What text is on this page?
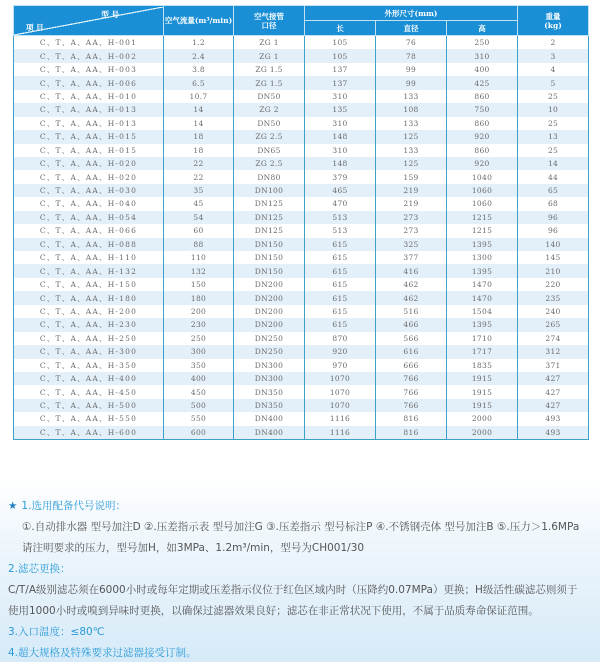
型 号
项 目
	空气流量(m³/min)	空气接管
口径
	外形尺寸(mm)	重量
(kg)

			长	直径	高	
C、T、A、AA、H-001	1.2	ZG 1	105	76	250	2
C、T、A、AA、H-002	2.4	ZG 1	105	78	310	3
C、T、A、AA、H-003	3.8	ZG 1.5	137	99	400	4
C、T、A、AA、H-006	6.5	ZG 1.5	137	99	425	5
C、T、A、AA、H-010	10.7	DN50	310	133	860	25
C、T、A、AA、H-013	14	ZG 2	135	108	750	10
C、T、A、AA、H-013	14	DN50	310	133	860	25
C、T、A、AA、H-015	18	ZG 2.5	148	125	920	13
C、T、A、AA、H-015	18	DN65	310	133	860	25
C、T、A、AA、H-020	22	ZG 2.5	148	125	920	14
C、T、A、AA、H-020	22	DN80	379	159	1040	44
C、T、A、AA、H-030	35	DN100	465	219	1060	65
C、T、A、AA、H-040	45	DN125	470	219	1060	68
C、T、A、AA、H-054	54	DN125	513	273	1215	96
C、T、A、AA、H-066	60	DN125	513	273	1215	96
C、T、A、AA、H-088	88	DN150	615	325	1395	140
C、T、A、AA、H-110	110	DN150	615	377	1300	145
C、T、A、AA、H-132	132	DN150	615	416	1395	210
C、T、A、AA、H-150	150	DN200	615	462	1470	220
C、T、A、AA、H-180	180	DN200	615	462	1470	235
C、T、A、AA、H-200	200	DN200	615	516	1504	240
C、T、A、AA、H-230	230	DN200	615	466	1395	265
C、T、A、AA、H-250	250	DN250	870	566	1710	274
C、T、A、AA、H-300	300	DN250	920	616	1717	312
C、T、A、AA、H-350	350	DN300	970	666	1835	371
C、T、A、AA、H-400	400	DN300	1070	766	1915	427
C、T、A、AA、H-450	450	DN350	1070	766	1915	427
C、T、A、AA、H-500	500	DN350	1070	766	1915	427
C、T、A、AA、H-550	550	DN400	1116	816	2000	493
C、T、A、AA、H-600	600	DN400	1116	816	2000	493
★ 1.选用配备代号说明：
①.自动排水器 型号加注D ②.压差指示表 型号加注G ③.压差指示 型号标注P ④.不锈钢壳体 型号加注B ⑤.压力＞1.6MPa
请注明要求的压力，型号加H，如3MPa、1.2m³/min，型号为CH001/30
2.滤芯更换：
C/T/A级别滤芯须在6000小时或每年定期或压差指示仪位于红色区域内时（压降约0.07MPa）更换；H级活性碳滤芯则须于
使用1000小时或嗅到异味时更换，以确保过滤器效果良好；滤芯在非正常状况下使用，不属于品质寿命保证范围。
3.入口温度：≤80℃
4.超大规格及特殊要求过滤器接受订制。
